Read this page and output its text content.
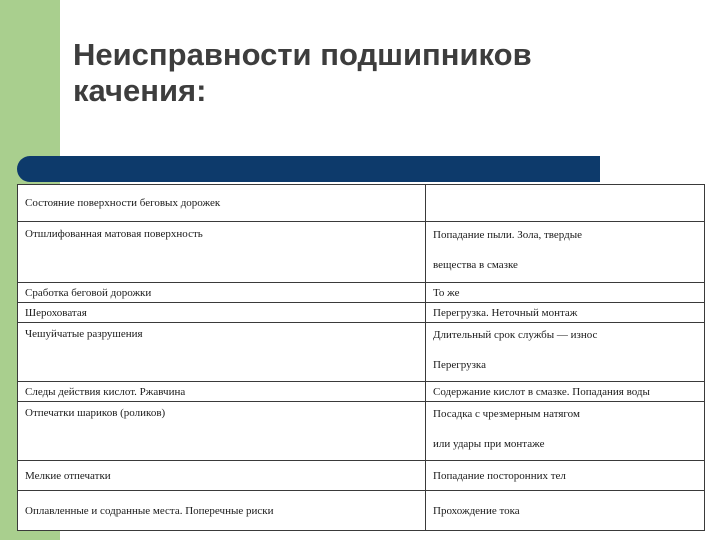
Неисправности подшипников
качения:
Состояние поверхности беговых дорожек	

Отшлифованная матовая поверхность	Попадание пыли. Зола, твердые
вещества в смазке

Сработка беговой дорожки	То же

Шероховатая	Перегрузка. Неточный монтаж

Чешуйчатые разрушения	Длительный срок службы — износ
Перегрузка

Следы действия кислот. Ржавчина	Содержание кислот в смазке. Попадания воды

Отпечатки шариков (роликов)	Посадка с чрезмерным натягом
или удары при монтаже

Мелкие отпечатки	Попадание посторонних тел

Оплавленные и содранные места. Поперечные риски	Прохождение тока
